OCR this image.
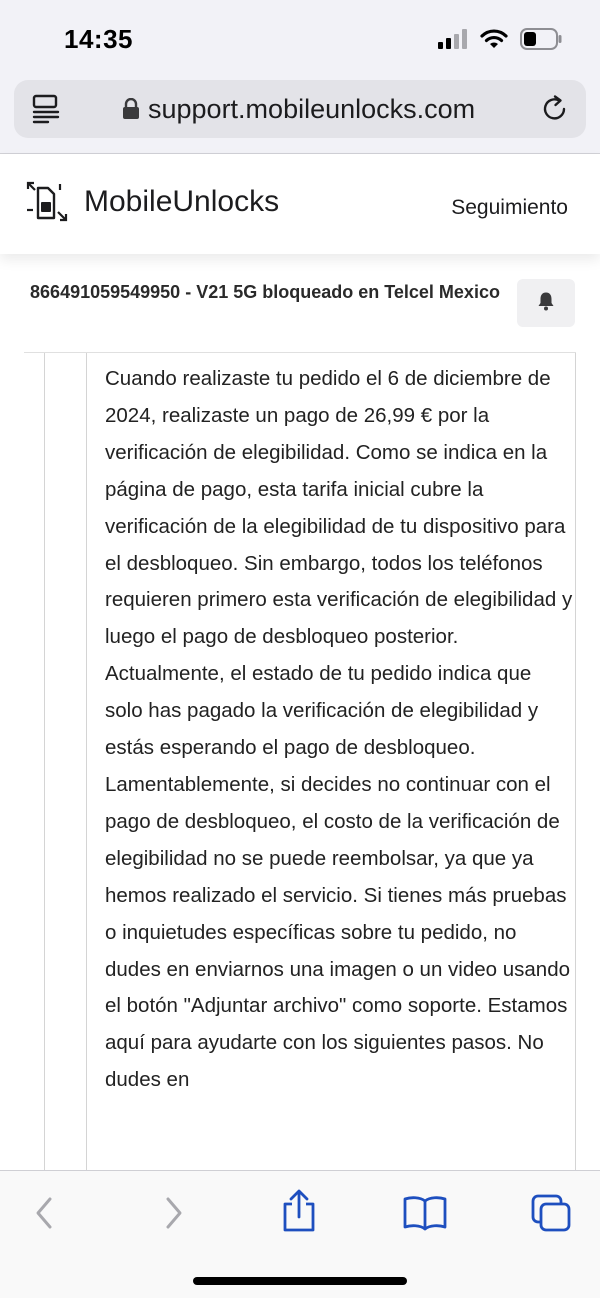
14:35
support.mobileunlocks.com
MobileUnlocks	Seguimiento
866491059549950 - V21 5G bloqueado en Telcel Mexico
Cuando realizaste tu pedido el 6 de diciembre de 2024, realizaste un pago de 26,99 € por la verificación de elegibilidad. Como se indica en la página de pago, esta tarifa inicial cubre la verificación de la elegibilidad de tu dispositivo para el desbloqueo. Sin embargo, todos los teléfonos requieren primero esta verificación de elegibilidad y luego el pago de desbloqueo posterior. Actualmente, el estado de tu pedido indica que solo has pagado la verificación de elegibilidad y estás esperando el pago de desbloqueo. Lamentablemente, si decides no continuar con el pago de desbloqueo, el costo de la verificación de elegibilidad no se puede reembolsar, ya que ya hemos realizado el servicio. Si tienes más pruebas o inquietudes específicas sobre tu pedido, no dudes en enviarnos una imagen o un video usando el botón "Adjuntar archivo" como soporte. Estamos aquí para ayudarte con los siguientes pasos. No dudes en
